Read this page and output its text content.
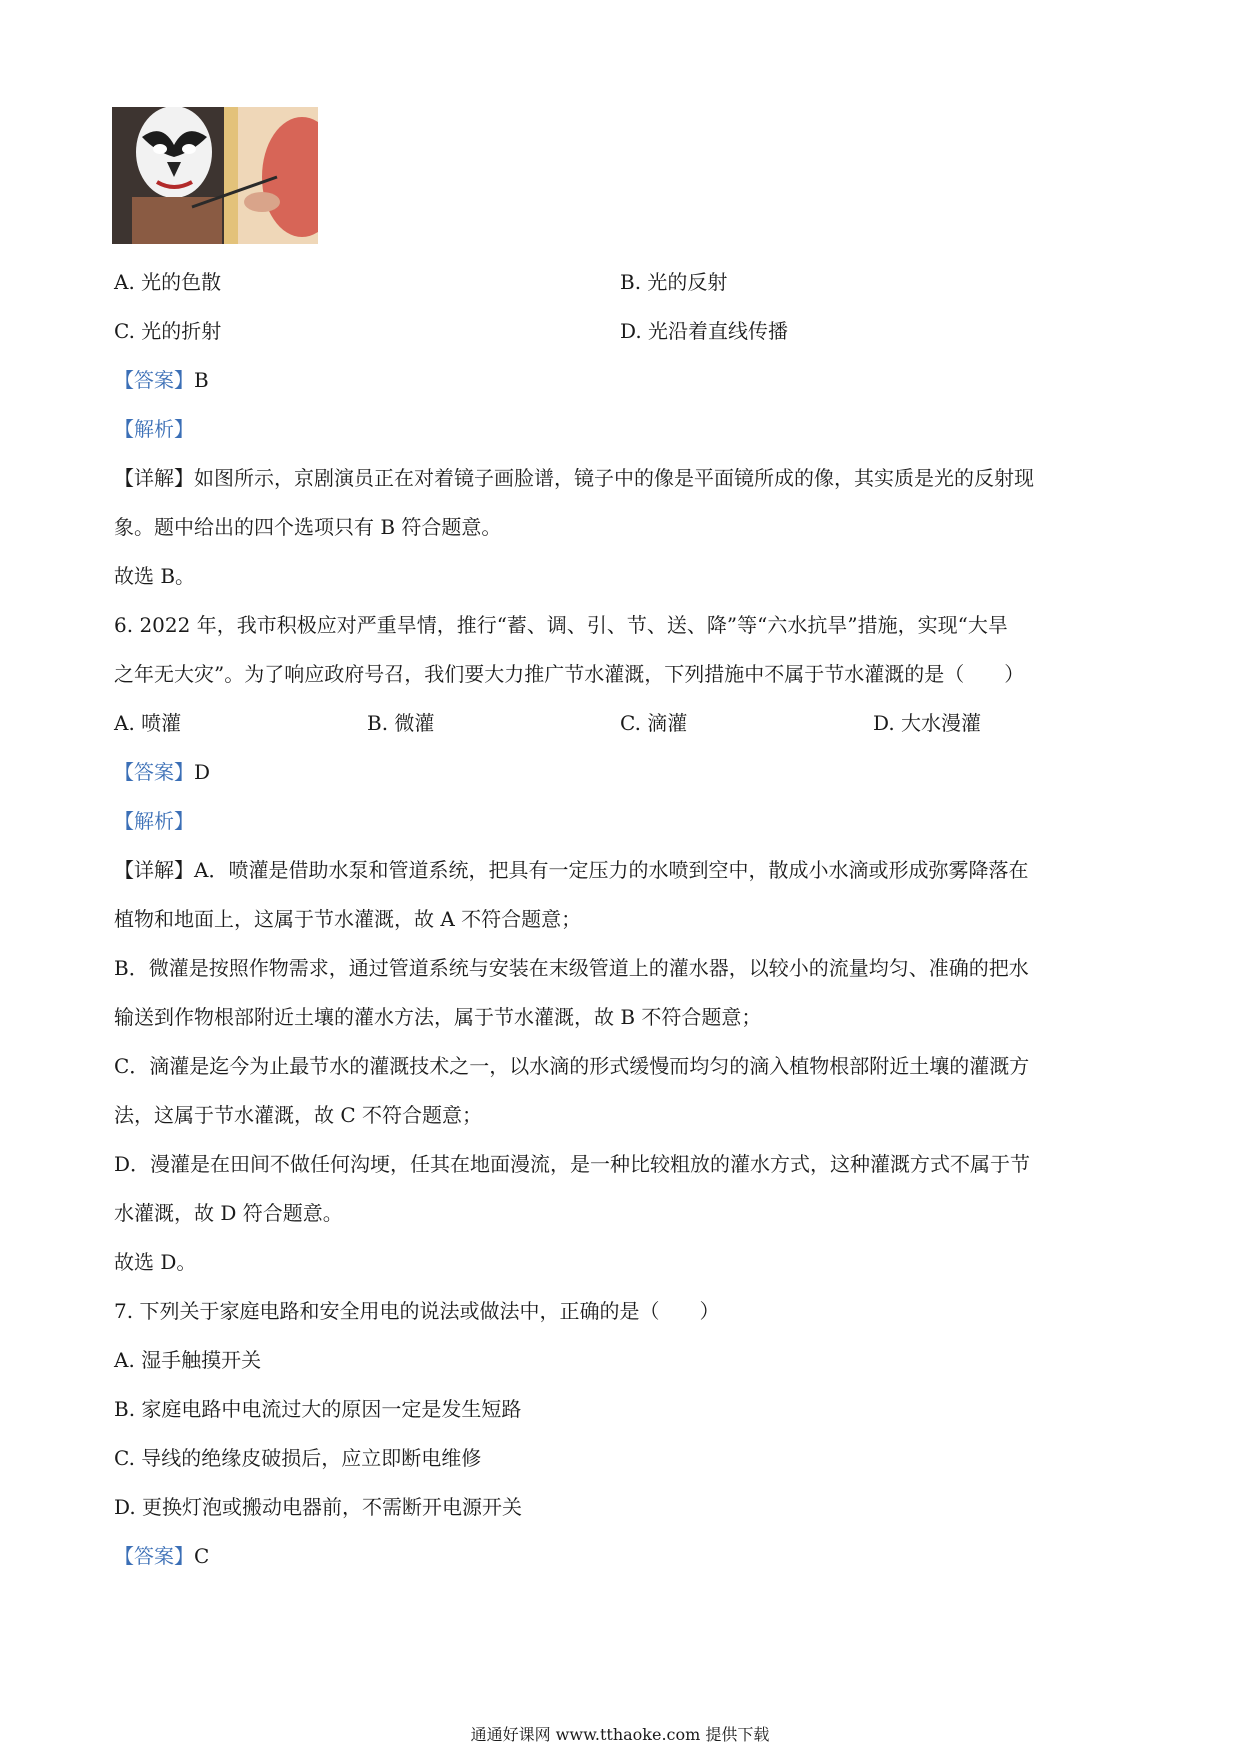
A. 光的色散	B. 光的反射
C. 光的折射	D. 光沿着直线传播
【答案】B
【解析】
【详解】如图所示，京剧演员正在对着镜子画脸谱，镜子中的像是平面镜所成的像，其实质是光的反射现
象。题中给出的四个选项只有 B 符合题意。
故选 B。
6. 2022 年，我市积极应对严重旱情，推行“蓄、调、引、节、送、降”等“六水抗旱”措施，实现“大旱
之年无大灾”。为了响应政府号召，我们要大力推广节水灌溉，下列措施中不属于节水灌溉的是（　　）
A. 喷灌	B. 微灌	C. 滴灌	D. 大水漫灌
【答案】D
【解析】
【详解】A．喷灌是借助水泵和管道系统，把具有一定压力的水喷到空中，散成小水滴或形成弥雾降落在
植物和地面上，这属于节水灌溉，故 A 不符合题意；
B．微灌是按照作物需求，通过管道系统与安装在末级管道上的灌水器，以较小的流量均匀、准确的把水
输送到作物根部附近土壤的灌水方法，属于节水灌溉，故 B 不符合题意；
C．滴灌是迄今为止最节水的灌溉技术之一，以水滴的形式缓慢而均匀的滴入植物根部附近土壤的灌溉方
法，这属于节水灌溉，故 C 不符合题意；
D．漫灌是在田间不做任何沟埂，任其在地面漫流，是一种比较粗放的灌水方式，这种灌溉方式不属于节
水灌溉，故 D 符合题意。
故选 D。
7. 下列关于家庭电路和安全用电的说法或做法中，正确的是（　　）
A. 湿手触摸开关
B. 家庭电路中电流过大的原因一定是发生短路
C. 导线的绝缘皮破损后，应立即断电维修
D. 更换灯泡或搬动电器前，不需断开电源开关
【答案】C
通通好课网 www.tthaoke.com 提供下载
